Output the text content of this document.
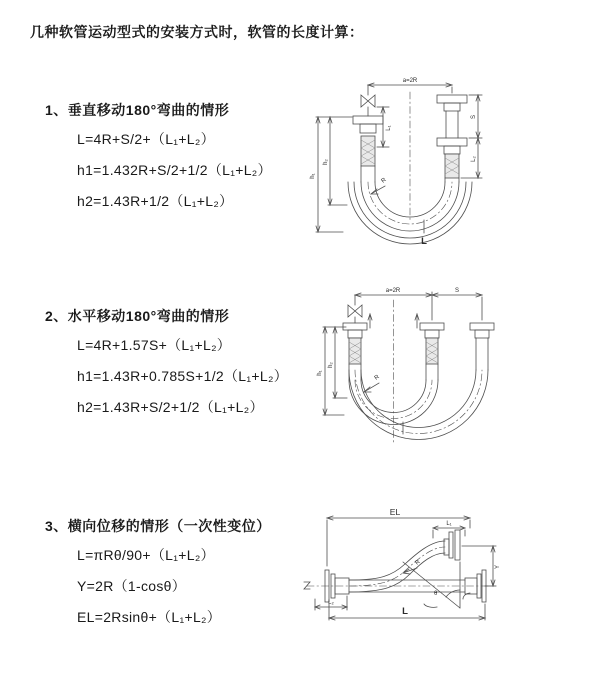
几种软管运动型式的安装方式时，软管的长度计算：
1、垂直移动180°弯曲的情形
L=4R+S/2+（L₁+L₂）
h1=1.432R+S/2+1/2（L₁+L₂）
h2=1.43R+1/2（L₁+L₂）
2、水平移动180°弯曲的情形
L=4R+1.57S+（L₁+L₂）
h1=1.43R+0.785S+1/2（L₁+L₂）
h2=1.43R+S/2+1/2（L₁+L₂）
3、横向位移的情形（一次性变位）
L=πRθ/90+（L₁+L₂）
Y=2R（1-cosθ）
EL=2Rsinθ+（L₁+L₂）
a=2R
h₁
h₂
L₁
S
L₂
R
L
a=2R	S
h₁
h₂
R
EL
L₁
Y
R
θ
L
L₂
